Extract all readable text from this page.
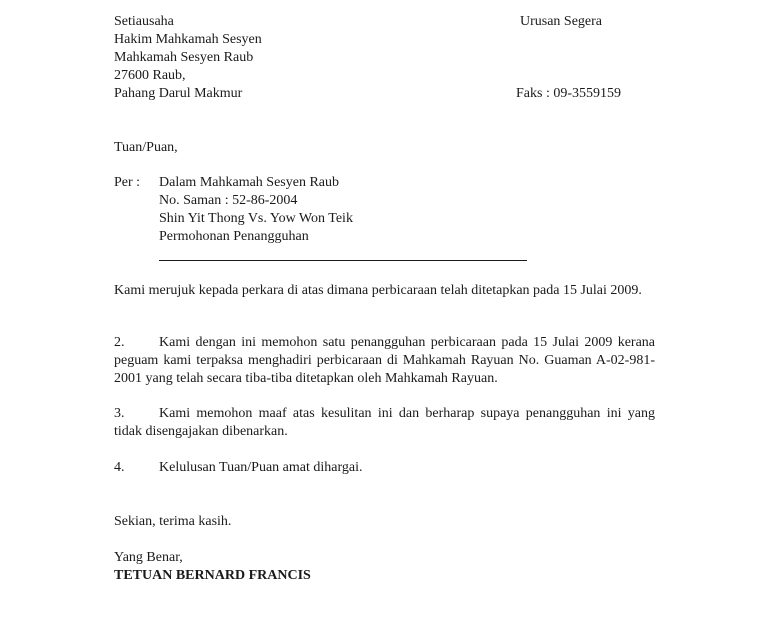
Setiausaha

Hakim Mahkamah Sesyen

Mahkamah Sesyen Raub

27600 Raub,

Pahang Darul Makmur

Urusan Segera

Faks : 09-3559159

Tuan/Puan,

Per : Dalam Mahkamah Sesyen Raub

No. Saman : 52-86-2004

Shin Yit Thong Vs. Yow Won Teik

Permohonan Penangguhan

Kami merujuk kepada perkara di atas dimana perbicaraan telah ditetapkan pada 15 Julai 2009.

2. Kami dengan ini memohon satu penangguhan perbicaraan pada 15 Julai 2009 kerana peguam kami terpaksa menghadiri perbicaraan di Mahkamah Rayuan No. Guaman A-02-981-2001 yang telah secara tiba-tiba ditetapkan oleh Mahkamah Rayuan.

3. Kami memohon maaf atas kesulitan ini dan berharap supaya penangguhan ini yang tidak disengajakan dibenarkan.

4. Kelulusan Tuan/Puan amat dihargai.

Sekian, terima kasih.

Yang Benar,

TETUAN BERNARD FRANCIS
